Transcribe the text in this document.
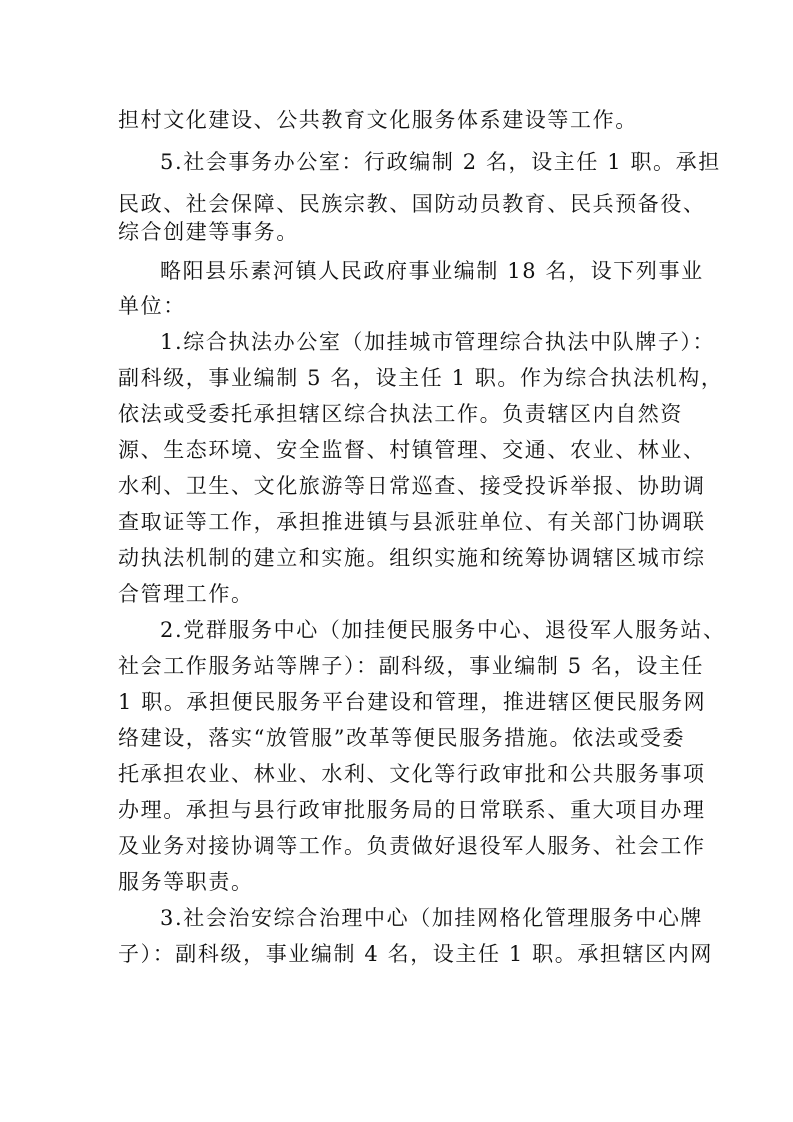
担村文化建设、公共教育文化服务体系建设等工作。
5.社会事务办公室：行政编制 2 名，设主任 1 职。承担
民政、社会保障、民族宗教、国防动员教育、民兵预备役、
综合创建等事务。
略阳县乐素河镇人民政府事业编制 18 名，设下列事业
单位：
1.综合执法办公室（加挂城市管理综合执法中队牌子）：
副科级，事业编制 5 名，设主任 1 职。作为综合执法机构，
依法或受委托承担辖区综合执法工作。负责辖区内自然资
源、生态环境、安全监督、村镇管理、交通、农业、林业、
水利、卫生、文化旅游等日常巡查、接受投诉举报、协助调
查取证等工作，承担推进镇与县派驻单位、有关部门协调联
动执法机制的建立和实施。组织实施和统筹协调辖区城市综
合管理工作。
2.党群服务中心（加挂便民服务中心、退役军人服务站、
社会工作服务站等牌子）：副科级，事业编制 5 名，设主任
1 职。承担便民服务平台建设和管理，推进辖区便民服务网
络建设，落实“放管服”改革等便民服务措施。依法或受委
托承担农业、林业、水利、文化等行政审批和公共服务事项
办理。承担与县行政审批服务局的日常联系、重大项目办理
及业务对接协调等工作。负责做好退役军人服务、社会工作
服务等职责。
3.社会治安综合治理中心（加挂网格化管理服务中心牌
子）：副科级，事业编制 4 名，设主任 1 职。承担辖区内网
